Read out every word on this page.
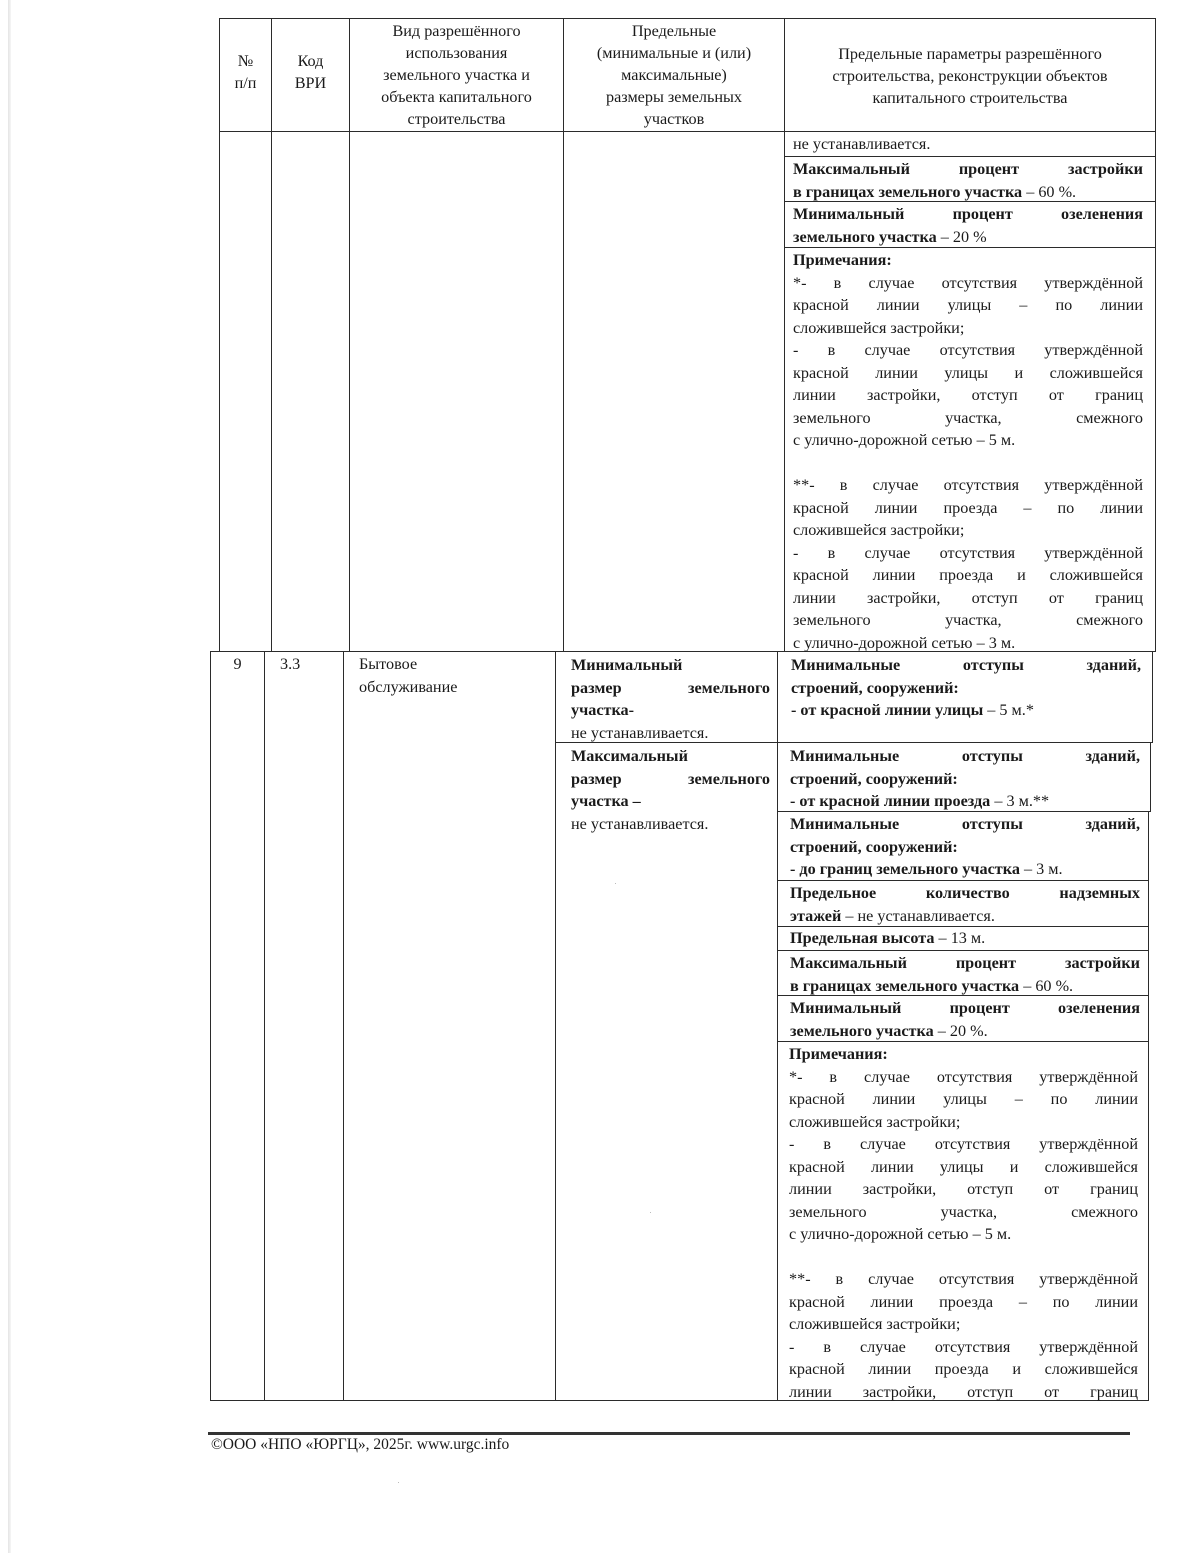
№
п/п
Код
ВРИ
Вид разрешённого
использования
земельного участка и
объекта капитального
строительства
Предельные
(минимальные и (или)
максимальные)
размеры земельных
участков
Предельные параметры разрешённого
строительства, реконструкции объектов
капитального строительства
не устанавливается.
Максимальный процент застройки
в границах земельного участка – 60 %.
Минимальный процент озеленения
земельного участка – 20 %
Примечания:
*- в случае отсутствия утверждённой
красной линии улицы – по линии
сложившейся застройки;
- в случае отсутствия утверждённой
красной линии улицы и сложившейся
линии застройки, отступ от границ
земельного участка, смежного
с улично-дорожной сетью – 5 м.
**- в случае отсутствия утверждённой
красной линии проезда – по линии
сложившейся застройки;
- в случае отсутствия утверждённой
красной линии проезда и сложившейся
линии застройки, отступ от границ
земельного участка, смежного
с улично-дорожной сетью – 3 м.
9	3.3	Бытовое
обслуживание
Минимальный
размер земельного
участка-
не устанавливается.
Максимальный
размер земельного
участка –
не устанавливается.
Минимальные отступы зданий,
строений, сооружений:
- от красной линии улицы – 5 м.*
Минимальные отступы зданий,
строений, сооружений:
- от красной линии проезда – 3 м.**
Минимальные отступы зданий,
строений, сооружений:
- до границ земельного участка – 3 м.
Предельное количество надземных
этажей – не устанавливается.
Предельная высота – 13 м.
Максимальный процент застройки
в границах земельного участка – 60 %.
Минимальный процент озеленения
земельного участка – 20 %.
Примечания:
*- в случае отсутствия утверждённой
красной линии улицы – по линии
сложившейся застройки;
- в случае отсутствия утверждённой
красной линии улицы и сложившейся
линии застройки, отступ от границ
земельного участка, смежного
с улично-дорожной сетью – 5 м.
**- в случае отсутствия утверждённой
красной линии проезда – по линии
сложившейся застройки;
- в случае отсутствия утверждённой
красной линии проезда и сложившейся
линии застройки, отступ от границ
©ООО «НПО «ЮРГЦ», 2025г. www.urgc.info
